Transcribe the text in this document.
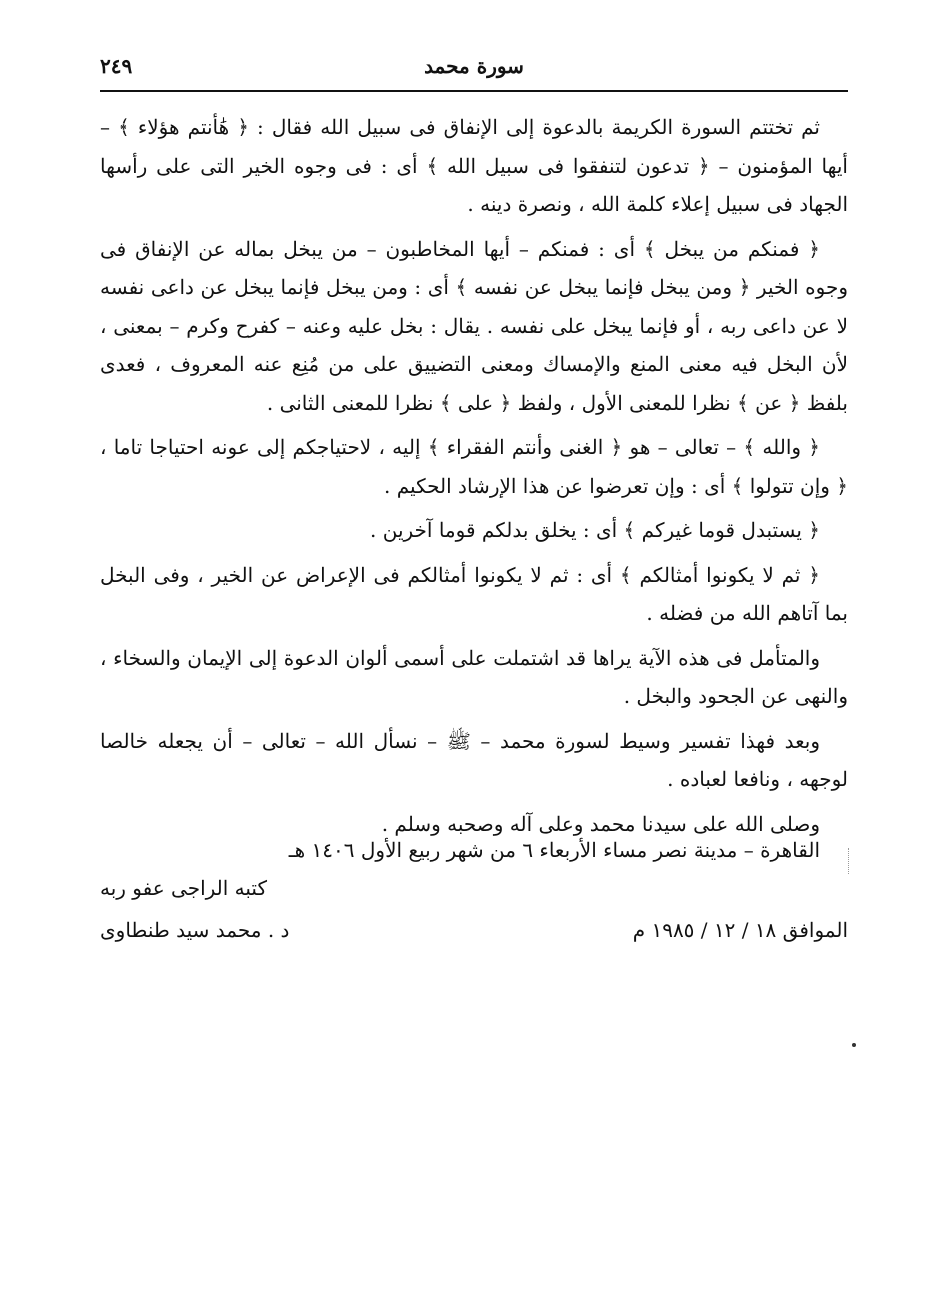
سورة محمد
٢٤٩

ثم تختتم السورة الكريمة بالدعوة إلى الإنفاق فى سبيل الله فقال : ﴿ هَٰأنتم هؤلاء ﴾ – أيها المؤمنون – ﴿ تدعون لتنفقوا فى سبيل الله ﴾ أى : فى وجوه الخير التى على رأسها الجهاد فى سبيل إعلاء كلمة الله ، ونصرة دينه .

﴿ فمنكم من يبخل ﴾ أى : فمنكم – أيها المخاطبون – من يبخل بماله عن الإنفاق فى وجوه الخير ﴿ ومن يبخل فإنما يبخل عن نفسه ﴾ أى : ومن يبخل فإنما يبخل عن داعى نفسه لا عن داعى ربه ، أو فإنما يبخل على نفسه . يقال : بخل عليه وعنه – كفرح وكرم – بمعنى ، لأن البخل فيه معنى المنع والإمساك ومعنى التضييق على من مُنِع عنه المعروف ، فعدى بلفظ ﴿ عن ﴾ نظرا للمعنى الأول ، ولفظ ﴿ على ﴾ نظرا للمعنى الثانى .

﴿ والله ﴾ – تعالى – هو ﴿ الغنى وأنتم الفقراء ﴾ إليه ، لاحتياجكم إلى عونه احتياجا تاما ، ﴿ وإن تتولوا ﴾ أى : وإن تعرضوا عن هذا الإرشاد الحكيم .

﴿ يستبدل قوما غيركم ﴾ أى : يخلق بدلكم قوما آخرين .

﴿ ثم لا يكونوا أمثالكم ﴾ أى : ثم لا يكونوا أمثالكم فى الإعراض عن الخير ، وفى البخل بما آتاهم الله من فضله .

والمتأمل فى هذه الآية يراها قد اشتملت على أسمى ألوان الدعوة إلى الإيمان والسخاء ، والنهى عن الجحود والبخل .

وبعد فهذا تفسير وسيط لسورة محمد – ﷺ – نسأل الله – تعالى – أن يجعله خالصا لوجهه ، ونافعا لعباده .

وصلى الله على سيدنا محمد وعلى آله وصحبه وسلم .

القاهرة – مدينة نصر مساء الأربعاء ٦ من شهر ربيع الأول ١٤٠٦ هـ
كتبه الراجى عفو ربه
الموافق ١٨ / ١٢ / ١٩٨٥ م
د . محمد سيد طنطاوى
